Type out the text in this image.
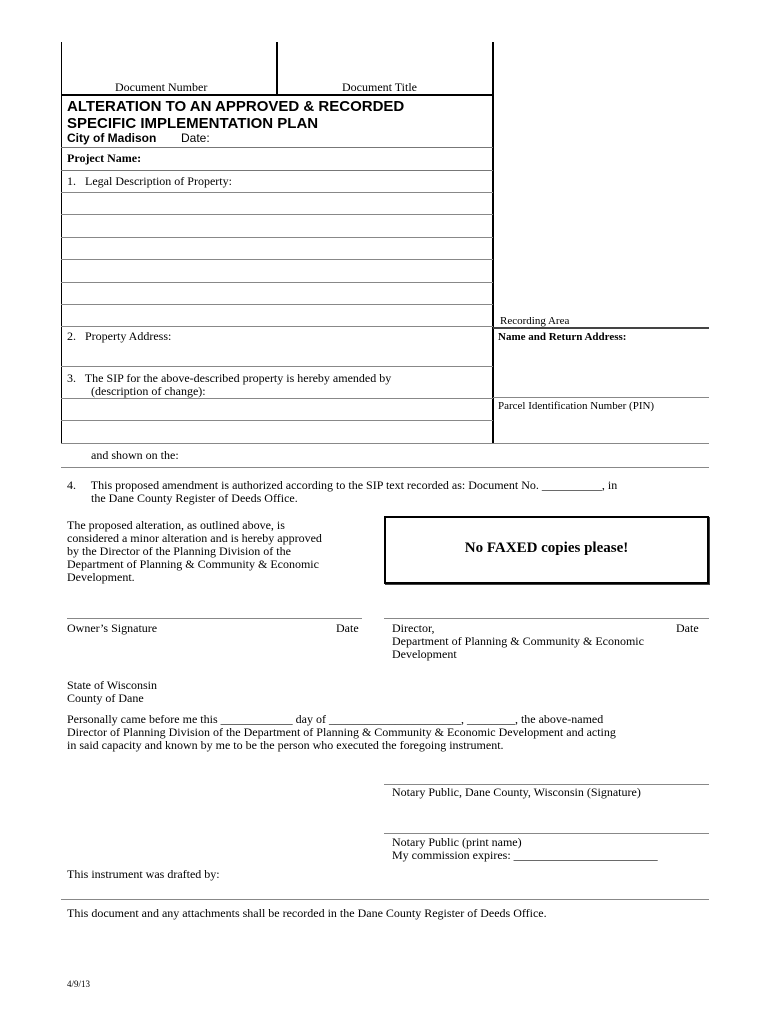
Document Number	Document Title
ALTERATION TO AN APPROVED & RECORDED
SPECIFIC IMPLEMENTATION PLAN
City of Madison Date:
Project Name:
1.   Legal Description of Property:
2.   Property Address:
3.   The SIP for the above-described property is hereby amended by
(description of change):
Recording Area
Name and Return Address:
Parcel Identification Number (PIN)
and shown on the:
4.     This proposed amendment is authorized according to the SIP text recorded as: Document No. __________, in
the Dane County Register of Deeds Office.
The proposed alteration, as outlined above, is
considered a minor alteration and is hereby approved
by the Director of the Planning Division of the
Department of Planning & Community & Economic
Development.
No FAXED copies please!
Owner’s Signature	Date	Director,	Date
Department of Planning & Community & Economic
Development
State of Wisconsin
County of Dane
Personally came before me this ____________ day of ______________________, ________, the above-named
Director of Planning Division of the Department of Planning & Community & Economic Development and acting
in said capacity and known by me to be the person who executed the foregoing instrument.
Notary Public, Dane County, Wisconsin (Signature)
Notary Public (print name)
My commission expires: ________________________
This instrument was drafted by:
This document and any attachments shall be recorded in the Dane County Register of Deeds Office.
4/9/13
